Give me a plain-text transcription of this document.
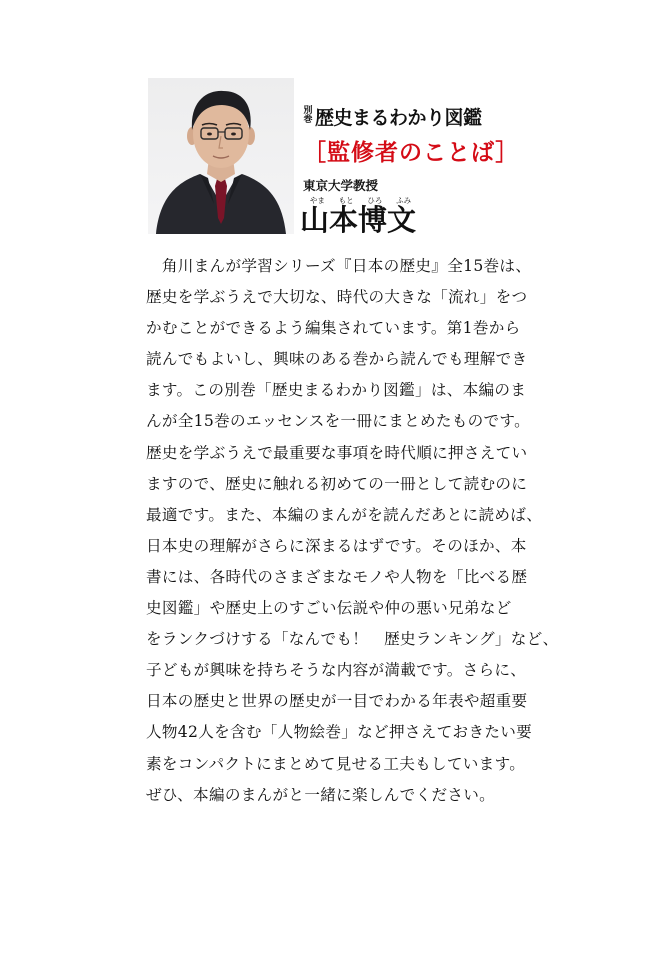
別巻 歴史まるわかり図鑑
［監修者のことば］
東京大学教授
やま もと ひろ ふみ
山本博文

　角川まんが学習シリーズ『日本の歴史』全15巻は、

歴史を学ぶうえで大切な、時代の大きな「流れ」をつ

かむことができるよう編集されています。第1巻から

読んでもよいし、興味のある巻から読んでも理解でき

ます。この別巻「歴史まるわかり図鑑」は、本編のま

んが全15巻のエッセンスを一冊にまとめたものです。

歴史を学ぶうえで最重要な事項を時代順に押さえてい

ますので、歴史に触れる初めての一冊として読むのに

最適です。また、本編のまんがを読んだあとに読めば、

日本史の理解がさらに深まるはずです。そのほか、本

書には、各時代のさまざまなモノや人物を「比べる歴

史図鑑」や歴史上のすごい伝説や仲の悪い兄弟など

をランクづけする「なんでも！　歴史ランキング」など、

子どもが興味を持ちそうな内容が満載です。さらに、

日本の歴史と世界の歴史が一目でわかる年表や超重要

人物42人を含む「人物絵巻」など押さえておきたい要

素をコンパクトにまとめて見せる工夫もしています。

ぜひ、本編のまんがと一緒に楽しんでください。
